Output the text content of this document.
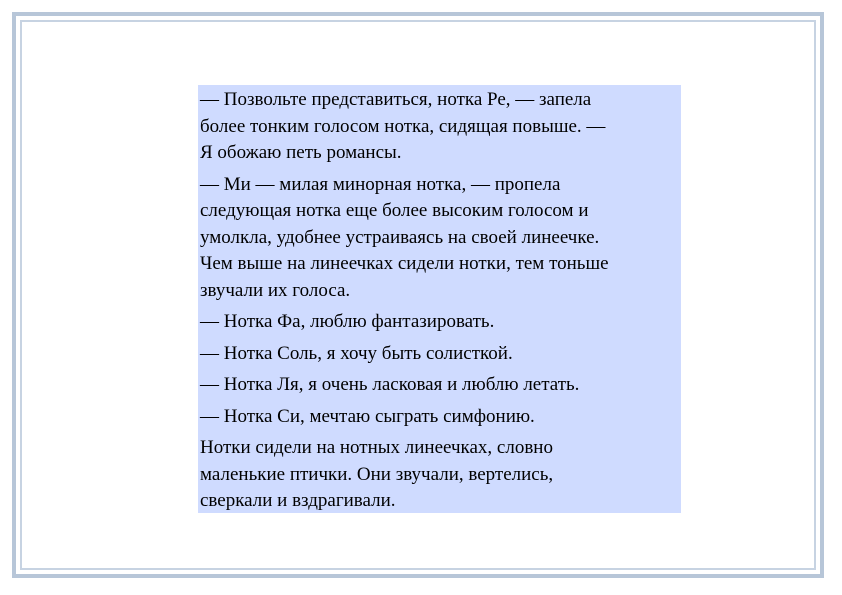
— Позвольте представиться, нотка Ре, — запела
более тонким голосом нотка, сидящая повыше. —
Я обожаю петь романсы.

— Ми — милая минорная нотка, — пропела
следующая нотка еще более высоким голосом и
умолкла, удобнее устраиваясь на своей линеечке.
Чем выше на линеечках сидели нотки, тем тоньше
звучали их голоса.

— Нотка Фа, люблю фантазировать.

— Нотка Соль, я хочу быть солисткой.

— Нотка Ля, я очень ласковая и люблю летать.

— Нотка Си, мечтаю сыграть симфонию.

Нотки сидели на нотных линеечках, словно
маленькие птички. Они звучали, вертелись,
сверкали и вздрагивали.
